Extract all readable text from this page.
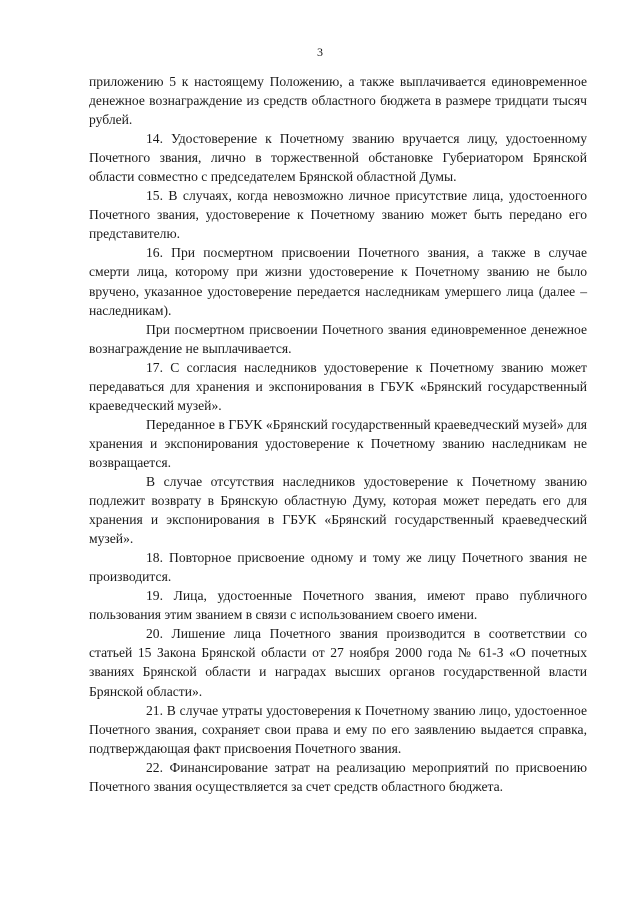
3

приложению 5 к настоящему Положению, а также выплачивается единовременное денежное вознаграждение из средств областного бюджета в размере тридцати тысяч рублей.

14. Удостоверение к Почетному званию вручается лицу, удостоенному Почетного звания, лично в торжественной обстановке Губериатором Брянской области совместно с председателем Брянской областной Думы.

15. В случаях, когда невозможно личное присутствие лица, удостоенного Почетного звания, удостоверение к Почетному званию может быть передано его представителю.

16. При посмертном присвоении Почетного звания, а также в случае смерти лица, которому при жизни удостоверение к Почетному званию не было вручено, указанное удостоверение передается наследникам умершего лица (далее – наследникам).

При посмертном присвоении Почетного звания единовременное денежное вознаграждение не выплачивается.

17. С согласия наследников удостоверение к Почетному званию может передаваться для хранения и экспонирования в ГБУК «Брянский государственный краеведческий музей».

Переданное в ГБУК «Брянский государственный краеведческий музей» для хранения и экспонирования удостоверение к Почетному званию наследникам не возвращается.

В случае отсутствия наследников удостоверение к Почетному званию подлежит возврату в Брянскую областную Думу, которая может передать его для хранения и экспонирования в ГБУК «Брянский государственный краеведческий музей».

18. Повторное присвоение одному и тому же лицу Почетного звания не производится.

19. Лица, удостоенные Почетного звания, имеют право публичного пользования этим званием в связи с использованием своего имени.

20. Лишение лица Почетного звания производится в соответствии со статьей 15 Закона Брянской области от 27 ноября 2000 года № 61-З «О почетных званиях Брянской области и наградах высших органов государственной власти Брянской области».

21. В случае утраты удостоверения к Почетному званию лицо, удостоенное Почетного звания, сохраняет свои права и ему по его заявлению выдается справка, подтверждающая факт присвоения Почетного звания.

22. Финансирование затрат на реализацию мероприятий по присвоению Почетного звания осуществляется за счет средств областного бюджета.
